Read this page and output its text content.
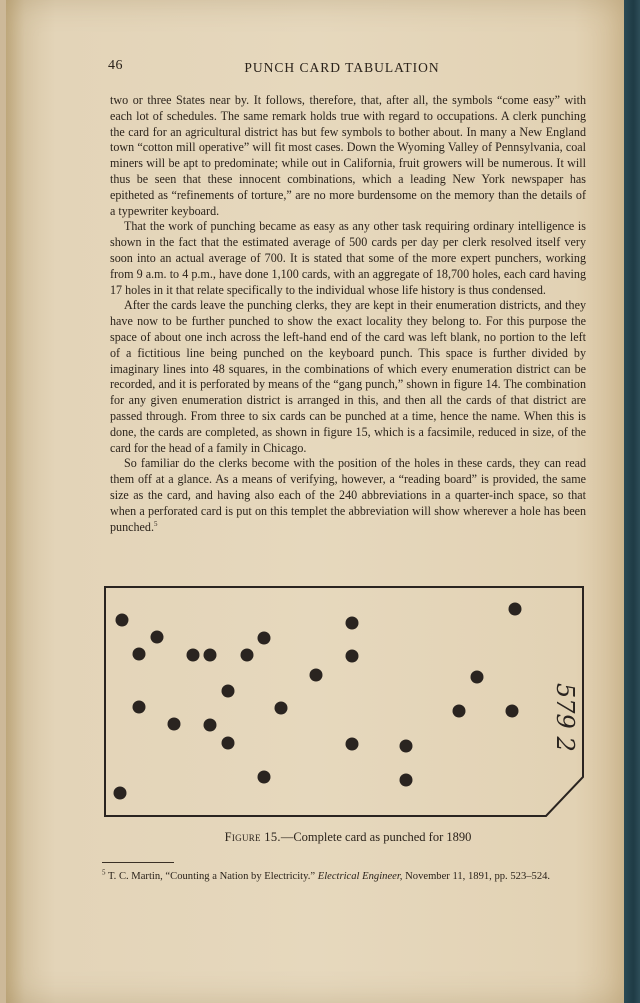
46	PUNCH CARD TABULATION

two or three States near by. It follows, therefore, that, after all, the symbols “come easy” with each lot of schedules. The same remark holds true with regard to occupations. A clerk punching the card for an agricultural district has but few symbols to bother about. In many a New England town “cotton mill operative” will fit most cases. Down the Wyoming Valley of Pennsylvania, coal miners will be apt to predominate; while out in California, fruit growers will be numerous. It will thus be seen that these innocent combinations, which a leading New York newspaper has epitheted as “refinements of torture,” are no more burdensome on the memory than the details of a typewriter keyboard.

That the work of punching became as easy as any other task requiring ordinary intelligence is shown in the fact that the estimated average of 500 cards per day per clerk resolved itself very soon into an actual average of 700. It is stated that some of the more expert punchers, working from 9 a.m. to 4 p.m., have done 1,100 cards, with an aggregate of 18,700 holes, each card having 17 holes in it that relate specifically to the individual whose life history is thus condensed.

After the cards leave the punching clerks, they are kept in their enumeration districts, and they have now to be further punched to show the exact locality they belong to. For this purpose the space of about one inch across the left-hand end of the card was left blank, no portion to the left of a fictitious line being punched on the keyboard punch. This space is further divided by imaginary lines into 48 squares, in the combinations of which every enumeration district can be recorded, and it is perforated by means of the “gang punch,” shown in figure 14. The combination for any given enumeration district is arranged in this, and then all the cards of that district are passed through. From three to six cards can be punched at a time, hence the name. When this is done, the cards are completed, as shown in figure 15, which is a facsimile, reduced in size, of the card for the head of a family in Chicago.

So familiar do the clerks become with the position of the holes in these cards, they can read them off at a glance. As a means of verifying, however, a “reading board” is provided, the same size as the card, and having also each of the 240 abbreviations in a quarter-inch space, so that when a perforated card is put on this templet the abbreviation will show wherever a hole has been punched.$^5$

579 2
Figure 15.—Complete card as punched for 1890
$^5$ T. C. Martin, “Counting a Nation by Electricity.” Electrical Engineer, November 11, 1891, pp. 523–524.
